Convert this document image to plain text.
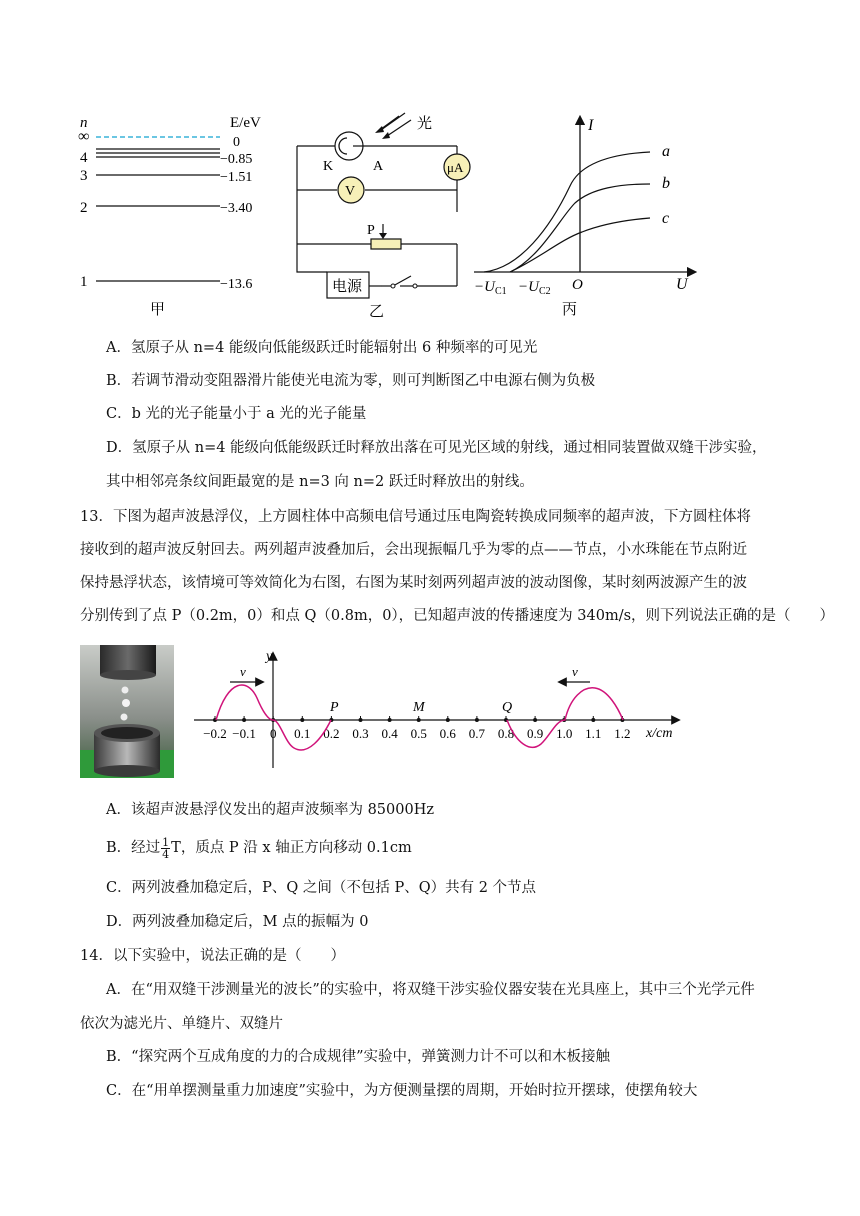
n	E/eV
∞	0
4	−0.85
3	−1.51
2	−3.40
1	−13.6
甲
K	A
光
μA
V
P
电源
乙
I
U
O
a
b
c
$-U_{C1} -U_{C2}$
丙
A．氢原子从 n=4 能级向低能级跃迁时能辐射出 6 种频率的可见光
B．若调节滑动变阻器滑片能使光电流为零，则可判断图乙中电源右侧为负极
C．b 光的光子能量小于 a 光的光子能量
D．氢原子从 n=4 能级向低能级跃迁时释放出落在可见光区域的射线，通过相同装置做双缝干涉实验，
其中相邻亮条纹间距最宽的是 n=3 向 n=2 跃迁时释放出的射线。
13．下图为超声波悬浮仪，上方圆柱体中高频电信号通过压电陶瓷转换成同频率的超声波，下方圆柱体将
接收到的超声波反射回去。两列超声波叠加后，会出现振幅几乎为零的点——节点，小水珠能在节点附近
保持悬浮状态，该情境可等效简化为右图，右图为某时刻两列超声波的波动图像，某时刻两波源产生的波
分别传到了点 P（0.2m，0）和点 Q（0.8m，0），已知超声波的传播速度为 340m/s，则下列说法正确的是（　　）
y
x/cm
−0.2 −0.1 0 0.1 0.2 0.3 0.4 0.5 0.6 0.7 0.8 0.9 1.0 1.1 1.2
P	M	Q
v	v
A．该超声波悬浮仪发出的超声波频率为 85000Hz
B．经过 $\frac{1}{4}$ T，质点 P 沿 x 轴正方向移动 0.1cm
C．两列波叠加稳定后，P、Q 之间（不包括 P、Q）共有 2 个节点
D．两列波叠加稳定后，M 点的振幅为 0
14．以下实验中，说法正确的是（　　）
A．在“用双缝干涉测量光的波长”的实验中，将双缝干涉实验仪器安装在光具座上，其中三个光学元件
依次为滤光片、单缝片、双缝片
B．“探究两个互成角度的力的合成规律”实验中，弹簧测力计不可以和木板接触
C．在“用单摆测量重力加速度”实验中，为方便测量摆的周期，开始时拉开摆球，使摆角较大
